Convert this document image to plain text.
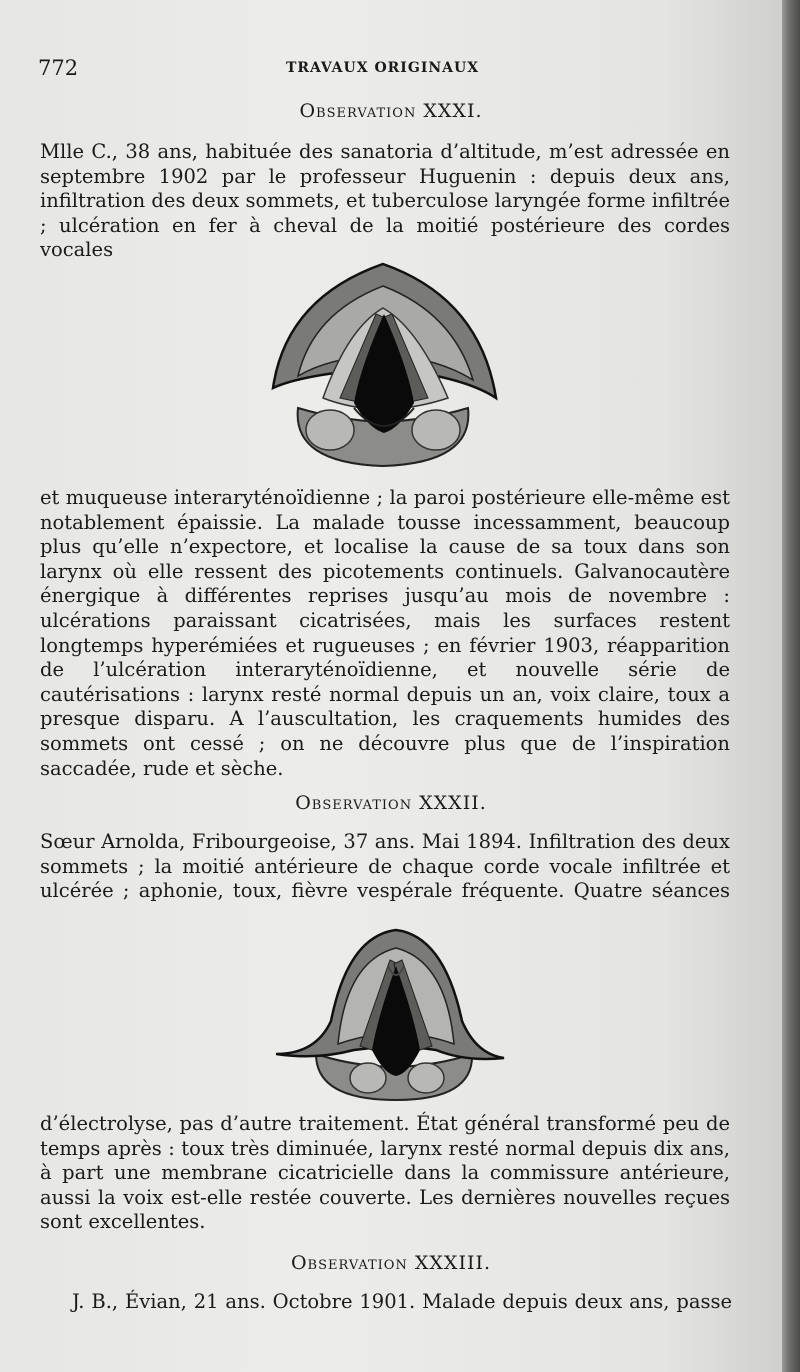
772	TRAVAUX ORIGINAUX
Observation XXXI.

Mlle C., 38 ans, habituée des sanatoria d’altitude, m’est adressée en septembre 1902 par le professeur Huguenin : depuis deux ans, infiltration des deux sommets, et tuberculose laryngée forme infiltrée ; ulcération en fer à cheval de la moitié postérieure des cordes vocales

et muqueuse interaryténoïdienne ; la paroi postérieure elle-même est notablement épaissie. La malade tousse incessamment, beaucoup plus qu’elle n’expectore, et localise la cause de sa toux dans son larynx où elle ressent des picotements continuels. Galvanocautère énergique à différentes reprises jusqu’au mois de novembre : ulcérations paraissant cicatrisées, mais les surfaces restent longtemps hyperémiées et rugueuses ; en février 1903, réapparition de l’ulcération interaryténoïdienne, et nouvelle série de cautérisations : larynx resté normal depuis un an, voix claire, toux a presque disparu. A l’auscultation, les craquements humides des sommets ont cessé ; on ne découvre plus que de l’inspiration saccadée, rude et sèche.

Observation XXXII.

Sœur Arnolda, Fribourgeoise, 37 ans. Mai 1894. Infiltration des deux sommets ; la moitié antérieure de chaque corde vocale infiltrée et ulcérée ; aphonie, toux, fièvre vespérale fréquente. Quatre séances

d’électrolyse, pas d’autre traitement. État général transformé peu de temps après : toux très diminuée, larynx resté normal depuis dix ans, à part une membrane cicatricielle dans la commissure antérieure, aussi la voix est-elle restée couverte. Les dernières nouvelles reçues sont excellentes.

Observation XXXIII.

J. B., Évian, 21 ans. Octobre 1901. Malade depuis deux ans, passe
